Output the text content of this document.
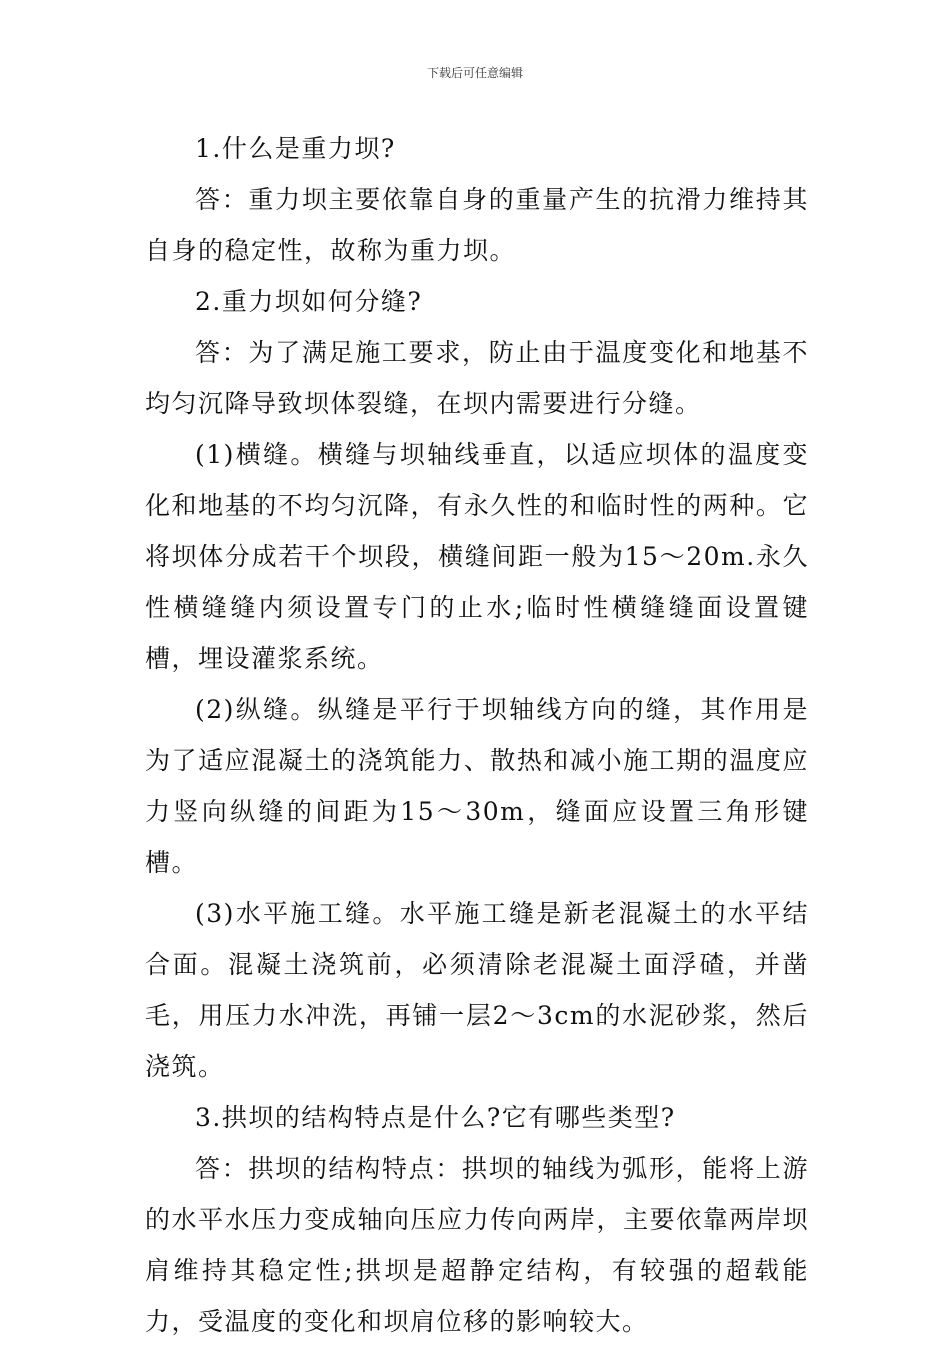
下载后可任意编辑

1.什么是重力坝?

答：重力坝主要依靠自身的重量产生的抗滑力维持其自身的稳定性，故称为重力坝。

2.重力坝如何分缝?

答：为了满足施工要求，防止由于温度变化和地基不均匀沉降导致坝体裂缝，在坝内需要进行分缝。

(1)横缝。横缝与坝轴线垂直，以适应坝体的温度变化和地基的不均匀沉降，有永久性的和临时性的两种。它将坝体分成若干个坝段，横缝间距一般为15～20m.永久性横缝缝内须设置专门的止水;临时性横缝缝面设置键槽，埋设灌浆系统。

(2)纵缝。纵缝是平行于坝轴线方向的缝，其作用是为了适应混凝土的浇筑能力、散热和减小施工期的温度应力竖向纵缝的间距为15～30m，缝面应设置三角形键槽。

(3)水平施工缝。水平施工缝是新老混凝土的水平结合面。混凝土浇筑前，必须清除老混凝土面浮碴，并凿毛，用压力水冲洗，再铺一层2～3cm的水泥砂浆，然后浇筑。

3.拱坝的结构特点是什么?它有哪些类型?

答：拱坝的结构特点：拱坝的轴线为弧形，能将上游的水平水压力变成轴向压应力传向两岸，主要依靠两岸坝肩维持其稳定性;拱坝是超静定结构，有较强的超载能力，受温度的变化和坝肩位移的影响较大。
